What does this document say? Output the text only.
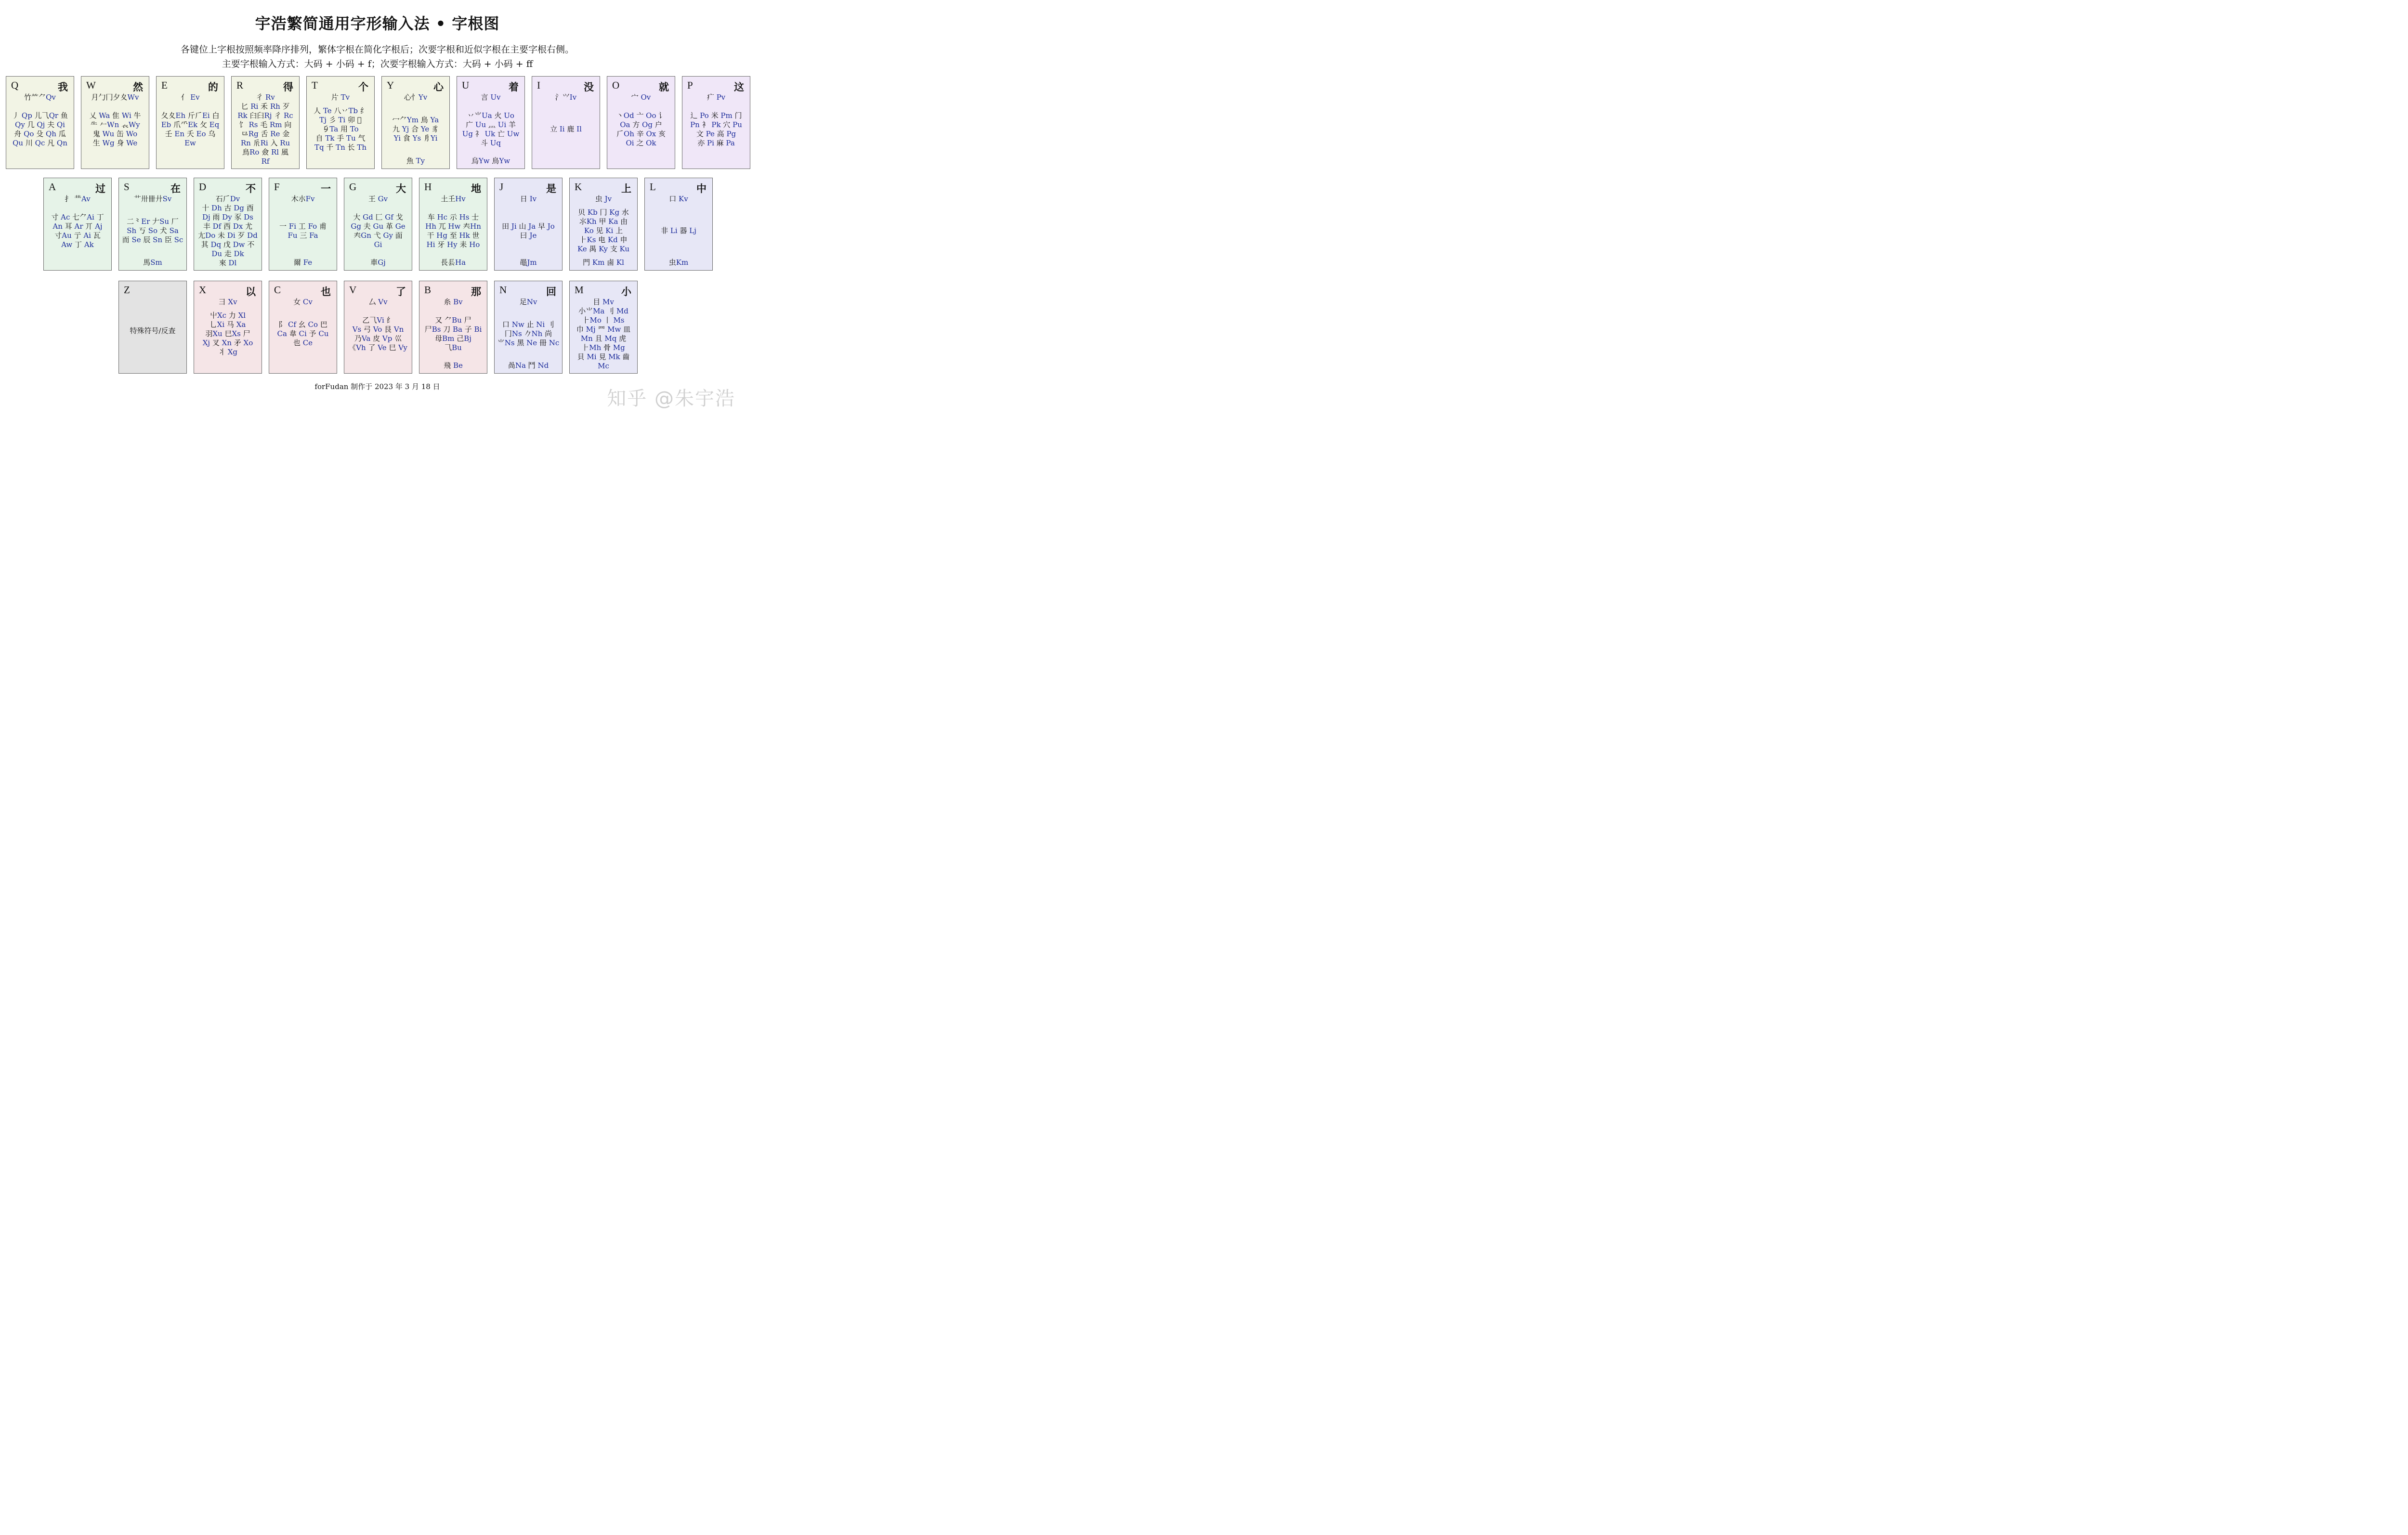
宇浩繁简通用字形输入法 • 字根图
各键位上字根按照频率降序排列，繁体字根在简化字根后；次要字根和近似字根在主要字根右侧。
主要字根输入方式：大码 + 小码 + f；次要字根输入方式：大码 + 小码 + ff
Q	我
竹⺮⺈Qv
丿 Qp 儿⺄Qr 鱼
Qy 几 Qj 夫 Qi
舟 Qo 殳 Qh 瓜
Qu 川 Qc 凡 Qn

W	然
月勹冂夕夊Wv
乂 Wa 隹 Wi 牛
⺧ 𠂉Wn 𧘇Wy
鬼 Wu 缶 Wo
生 Wg 身 We

E	的
亻 Ev
夂夊Eh 斤𠂆Ei 白
Eb 爪⺥Ek 攵 Eq
壬 En 夭 Eo 乌
Ew

R	得
彳 Rv
匕 Ri 禾 Rh 歹
Rk 臼⺽Rj 彳 Rc
饣 Rs 毛 Rm 向
⺋Rg 舌 Re 金
Rn 𠂢Ri 入 Ru
鳥Ro 僉 Rl 風
Rf

T	个
片 Tv
人 Te 八丷Tb 纟
Tj 彡 Ti 卯 𠂋
𠂎Ta 用 To
自 Tk 手 Tu 气
Tq 千 Tn 长 Th

Y	心
心忄Yv
冖⺈Ym 鳥 Ya
九 Yj 合 Ye 豸
Yi 食 Ys 㐆Yi
魚 Ty
U	着
言 Uv
丷⺌Ua 火 Uo
广 Uu 灬 Ui 羊
Ug 礻 Uk 亡 Uw
斗 Uq
烏Yw 鳥Yw
I	没
氵⺍Iv
立 Ii 鹿 Il

O	就
宀 Ov
丶Od 亠 Oo 讠
Oa 方 Og 户
𠂆Oh 辛 Ox 亥
Oi 之 Ok

P	这
疒 Pv
辶 Po 米 Pm 门
Pn 衤 Pk 穴 Pu
文 Pe 高 Pg
亦 Pi 麻 Pa

A	过
扌 龷Av
寸 Ac 七⺈Ai 丁
An 耳 Ar 丌 Aj
寸Au 亍 Ai 瓦
Aw 丁 Ak

S	在
艹卅卌廾Sv
二⺀Er 𠂇Su 厂
Sh 丂 So 犬 Sa
而 Se 辰 Sn 臣 Sc
馬Sm
D	不
石𠂆Dv
十 Dh 古 Dg 酉
Dj 雨 Dy 豕 Ds
丰 Df 西 Dx 尤
尢Do 未 Di 歹 Dd
其 Dq 戊 Dw 不
Du 走 Dk
來 Dl
F	一
木朩Fv
一 Fi 工 Fo 甫
Fu 三 Fa
爾 Fe
G	大
王 Gv
大 Gd 匚 Gf 戈
Gg 夫 Gu 革 Ge
𡗗Gn 弋 Gy 面
Gi
車Gj
H	地
土𡈼Hv
车 Hc 示 Hs 士
Hh 兀 Hw 𡗗Hn
干 Hg 至 Hk 世
Hi 牙 Hy 耒 Ho
長镸Ha
J	是
日 Iv
田 Ji 山 Ja 早 Jo
曰 Je
黽Jm
K	上
虫 Jv
贝 Kb 冂 Kg 水
⺢Kh 甲 Ka 由
Ko 见 Ki 上
⺊Ks 电 Kd 申
Ke 禺 Ky 支 Ku
門 Km 鹵 Kl
L	中
口 Kv
非 Li 器 Lj
虫Km
Z
特殊符号/反查
X	以
彐 Xv
屮Xc 力 Xl
乚Xi 马 Xa
羽Xu 巳Xs 尸
Xj 叉 Xn 矛 Xo
丬 Xg

C	也
女 Cv
阝 Cf 幺 Co 巴
Ca 韋 Ci 予 Cu
也 Ce

V	了
厶 Vv
乙⺄Vi 纟
Vs 弓 Vo 艮 Vn
乃Va 皮 Vp 巛
《Vh 了 Ve 巳 Vy

B	那
糸 Bv
又 ⺈Bu 尸
尸Bs 刀 Ba 子 Bi
母Bm 己Bj
⺄Bu
飛 Be
N	回
足Nv
口 Nw 止 Ni 刂
冂Ns 𠂊Nh 尚
⺌Ns 黑 Ne 冊 Nc
咼Na 鬥 Nd
M	小
目 Mv
小⺌Ma 刂 Md
⺊Mo 丨 Ms
巾 Mj 罒 Mw 皿
Mn 且 Mq 虎
⺊Mh 骨 Mg
貝 Mi 見 Mk 齒
Mc

forFudan 制作于 2023 年 3 月 18 日
知乎 @朱宇浩
